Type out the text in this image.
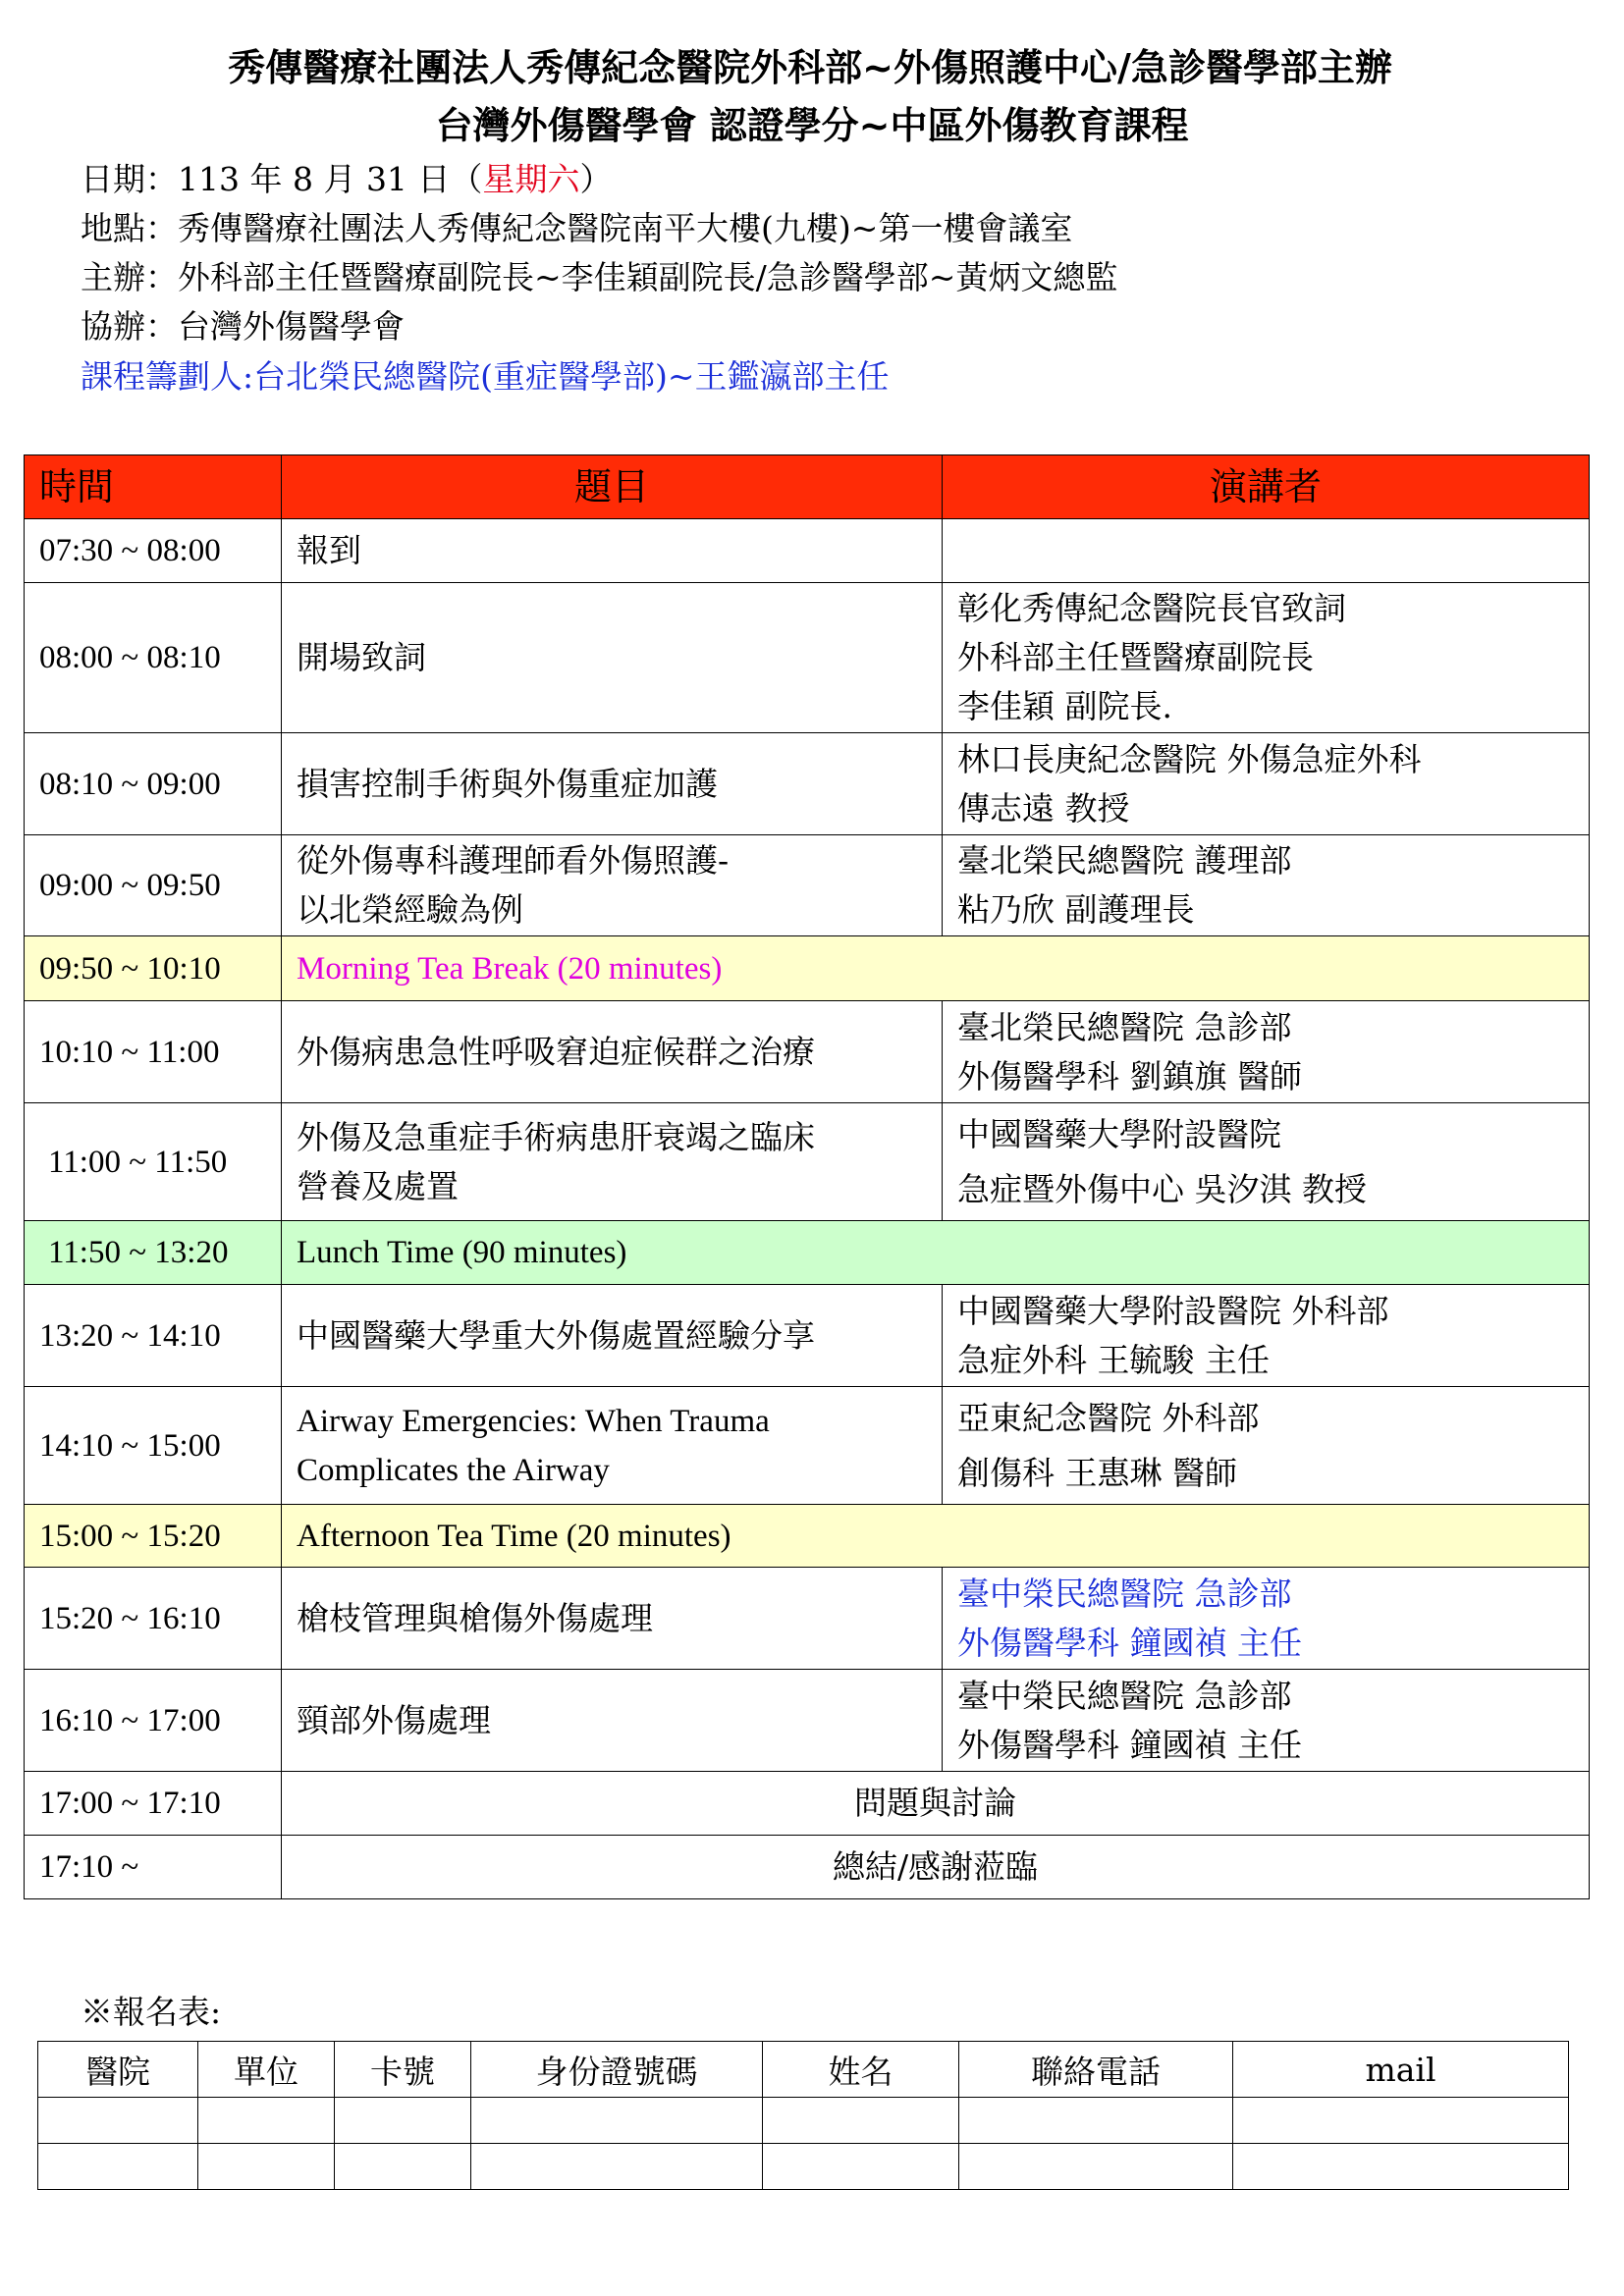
秀傳醫療社團法人秀傳紀念醫院外科部~外傷照護中心/急診醫學部主辦
台灣外傷醫學會 認證學分~中區外傷教育課程
日期：113 年 8 月 31 日（星期六）
地點：秀傳醫療社團法人秀傳紀念醫院南平大樓(九樓)~第一樓會議室
主辦：外科部主任暨醫療副院長~李佳穎副院長/急診醫學部~黃炳文總監
協辦：台灣外傷醫學會
課程籌劃人:台北榮民總醫院(重症醫學部)~王鑑瀛部主任
時間	題目	演講者
07:30 ~ 08:00	報到	
08:00 ~ 08:10	開場致詞	彰化秀傳紀念醫院長官致詞
外科部主任暨醫療副院長
李佳穎 副院長.

08:10 ~ 09:00	損害控制手術與外傷重症加護	林口長庚紀念醫院 外傷急症外科
傳志遠 教授

09:00 ~ 09:50	從外傷專科護理師看外傷照護-
以北榮經驗為例	臺北榮民總醫院 護理部
粘乃欣 副護理長

09:50 ~ 10:10	Morning Tea Break (20 minutes)	
10:10 ~ 11:00	外傷病患急性呼吸窘迫症候群之治療	臺北榮民總醫院 急診部
外傷醫學科 劉鎮旗 醫師

11:00 ~ 11:50	外傷及急重症手術病患肝衰竭之臨床
營養及處置	中國醫藥大學附設醫院
急症暨外傷中心 吳汐淇 教授

11:50 ~ 13:20	Lunch Time (90 minutes)	
13:20 ~ 14:10	中國醫藥大學重大外傷處置經驗分享	中國醫藥大學附設醫院 外科部
急症外科 王毓駿 主任

14:10 ~ 15:00	Airway Emergencies: When Trauma
Complicates the Airway	亞東紀念醫院 外科部
創傷科 王惠琳 醫師

15:00 ~ 15:20	Afternoon Tea Time (20 minutes)	
15:20 ~ 16:10	槍枝管理與槍傷外傷處理	臺中榮民總醫院 急診部
外傷醫學科 鐘國禎 主任

16:10 ~ 17:00	頸部外傷處理	臺中榮民總醫院 急診部
外傷醫學科 鐘國禎 主任

17:00 ~ 17:10	問題與討論	
17:10 ~	總結/感謝蒞臨	
※報名表:
醫院	單位	卡號	身份證號碼	姓名	聯絡電話	mail
